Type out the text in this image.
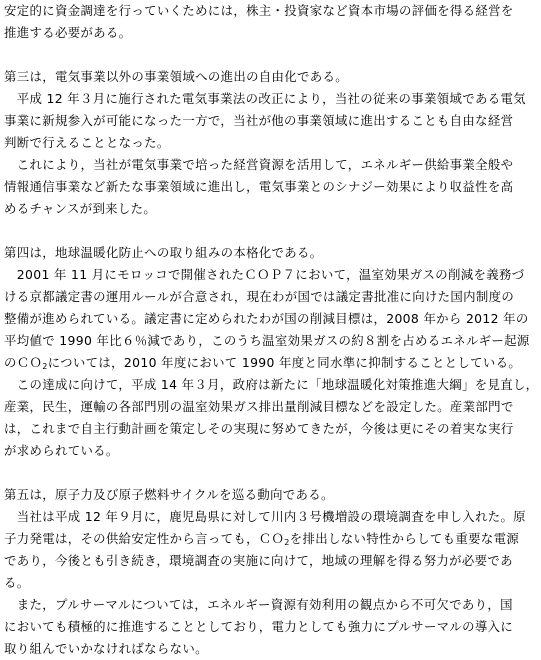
安定的に資金調達を行っていくためには，株主・投資家など資本市場の評価を得る経営を
推進する必要がある。
第三は，電気事業以外の事業領域への進出の自由化である。
　平成 12 年３月に施行された電気事業法の改正により，当社の従来の事業領域である電気
事業に新規参入が可能になった一方で，当社が他の事業領域に進出することも自由な経営
判断で行えることとなった。
　これにより，当社が電気事業で培った経営資源を活用して，エネルギー供給事業全般や
情報通信事業など新たな事業領域に進出し，電気事業とのシナジー効果により収益性を高
めるチャンスが到来した。
第四は，地球温暖化防止への取り組みの本格化である。
　2001 年 11 月にモロッコで開催されたＣＯＰ７において，温室効果ガスの削減を義務づ
ける京都議定書の運用ルールが合意され，現在わが国では議定書批准に向けた国内制度の
整備が進められている。議定書に定められたわが国の削減目標は，2008 年から 2012 年の
平均値で 1990 年比６％減であり，このうち温室効果ガスの約８割を占めるエネルギー起源
のＣＯ$_2$については，2010 年度において 1990 年度と同水準に抑制することとしている。
　この達成に向けて，平成 14 年３月，政府は新たに「地球温暖化対策推進大綱」を見直し，
産業，民生，運輸の各部門別の温室効果ガス排出量削減目標などを設定した。産業部門で
は，これまで自主行動計画を策定しその実現に努めてきたが，今後は更にその着実な実行
が求められている。
第五は，原子力及び原子燃料サイクルを巡る動向である。
　当社は平成 12 年９月に，鹿児島県に対して川内３号機増設の環境調査を申し入れた。原
子力発電は，その供給安定性から言っても，ＣＯ$_2$を排出しない特性からしても重要な電源
であり，今後とも引き続き，環境調査の実施に向けて，地域の理解を得る努力が必要であ
る。
　また，プルサーマルについては，エネルギー資源有効利用の観点から不可欠であり，国
においても積極的に推進することとしており，電力としても強力にプルサーマルの導入に
取り組んでいかなければならない。
